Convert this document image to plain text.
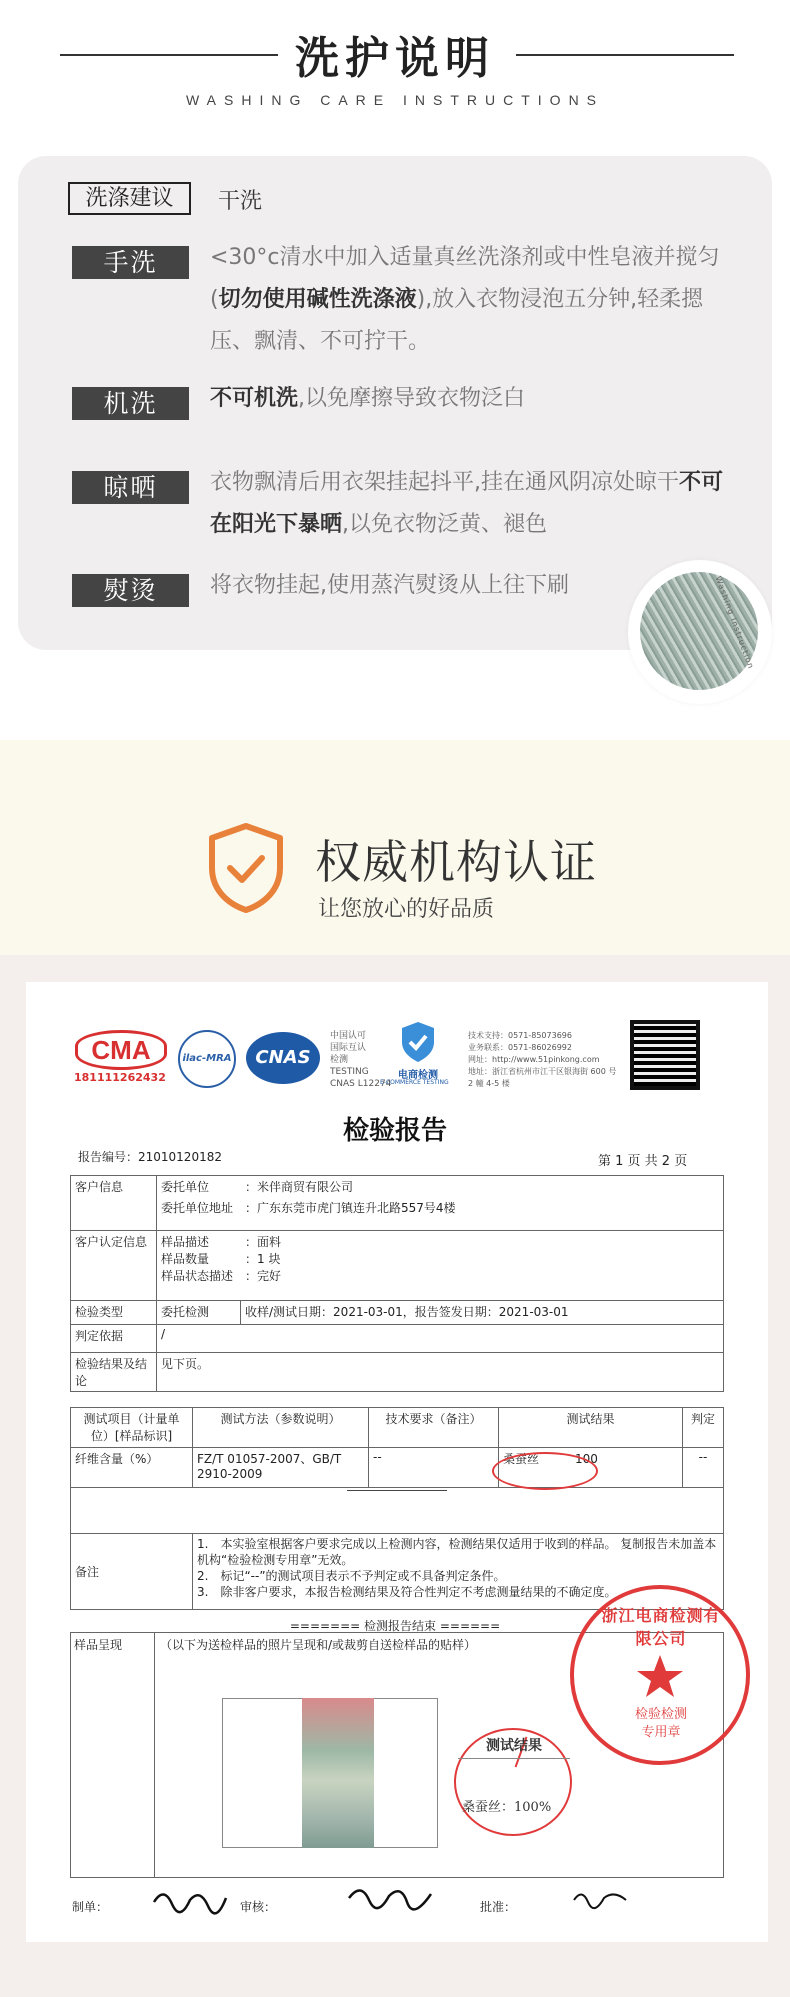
洗护说明
WASHING CARE INSTRUCTIONS
洗涤建议	干洗
手洗	<30°c清水中加入适量真丝洗涤剂或中性皂液并搅匀(切勿使用碱性洗涤液),放入衣物浸泡五分钟,轻柔摁压、飘清、不可拧干。
机洗	不可机洗,以免摩擦导致衣物泛白
晾晒	衣物飘清后用衣架挂起抖平,挂在通风阴凉处晾干不可在阳光下暴晒,以免衣物泛黄、褪色
熨烫	将衣物挂起,使用蒸汽熨烫从上往下刷	Washing Instruction
权威机构认证
让您放心的好品质
CMA
181111262432
ilac-MRA	CNAS
中国认可
国际互认
检测
TESTING
CNAS L12274
电商检测
E-COMMERCE TESTING
技术支持：0571-85073696
业务联系：0571-86026992
网址：http://www.51pinkong.com
地址：浙江省杭州市江干区银海街 600 号
2 幢 4-5 楼
检验报告
报告编号：21010120182	第 1 页 共 2 页
客户信息	委托单位 ：米伴商贸有限公司
委托单位地址 ：广东东莞市虎门镇连升北路557号4楼	

客户认定信息	样品描述 ：面料
样品数量 ：1 块
样品状态描述 ：完好	

检验类型	委托检测	收样/测试日期：2021-03-01，报告签发日期：2021-03-01
判定依据	/	
检验结果及结论	见下页。	
测试项目（计量单位）[样品标识]	测试方法（参数说明）	技术要求（备注）	测试结果	判定
纤维含量（%）	FZ/T 01057-2007、GB/T 2910-2009	--	桑蚕丝 100	--

备注	1.　本实验室根据客户要求完成以上检测内容，检测结果仅适用于收到的样品。 复制报告未加盖本机构“检验检测专用章”无效。
2.　标记“--”的测试项目表示不予判定或不具备判定条件。
3.　除非客户要求，本报告检测结果及符合性判定不考虑测量结果的不确定度。			
======= 检测报告结束 ======
样品呈现	（以下为送检样品的照片呈现和/或裁剪自送检样品的贴样）
测试结果
桑蚕丝：100%
浙江电商检测有限公司
检验检测
专用章
制单：	审核：	批准：
